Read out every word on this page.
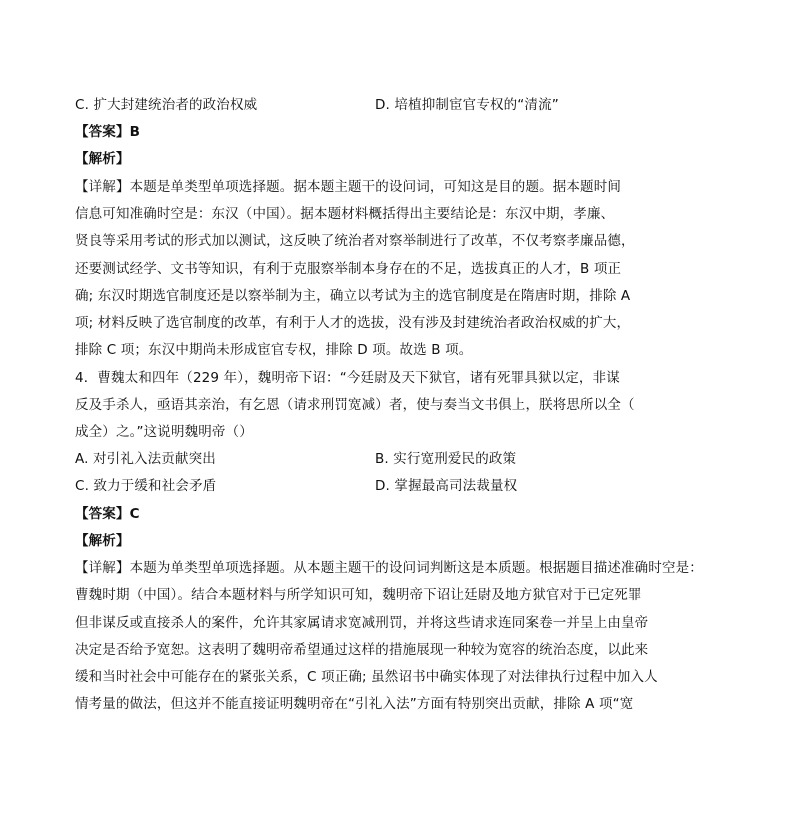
C. 扩大封建统治者的政治权威	D. 培植抑制宦官专权的“清流”
【答案】B
【解析】
【详解】本题是单类型单项选择题。据本题主题干的设问词，可知这是目的题。据本题时间
信息可知准确时空是：东汉（中国）。据本题材料概括得出主要结论是：东汉中期，孝廉、
贤良等采用考试的形式加以测试，这反映了统治者对察举制进行了改革，不仅考察孝廉品德，
还要测试经学、文书等知识，有利于克服察举制本身存在的不足，选拔真正的人才，B 项正
确; 东汉时期选官制度还是以察举制为主，确立以考试为主的选官制度是在隋唐时期，排除 A
项; 材料反映了选官制度的改革，有利于人才的选拔，没有涉及封建统治者政治权威的扩大，
排除 C 项；东汉中期尚未形成宦官专权，排除 D 项。故选 B 项。
4．曹魏太和四年（229 年），魏明帝下诏：“今廷尉及天下狱官，诸有死罪具狱以定，非谋
反及手杀人，亟语其亲治，有乞恩（请求刑罚宽减）者，使与奏当文书俱上，朕将思所以全（
成全）之。”这说明魏明帝（）
A. 对引礼入法贡献突出	B. 实行宽刑爱民的政策
C. 致力于缓和社会矛盾	D. 掌握最高司法裁量权
【答案】C
【解析】
【详解】本题为单类型单项选择题。从本题主题干的设问词判断这是本质题。根据题目描述准确时空是：
曹魏时期（中国）。结合本题材料与所学知识可知，魏明帝下诏让廷尉及地方狱官对于已定死罪
但非谋反或直接杀人的案件，允许其家属请求宽减刑罚，并将这些请求连同案卷一并呈上由皇帝
决定是否给予宽恕。这表明了魏明帝希望通过这样的措施展现一种较为宽容的统治态度，以此来
缓和当时社会中可能存在的紧张关系，C 项正确; 虽然诏书中确实体现了对法律执行过程中加入人
情考量的做法，但这并不能直接证明魏明帝在“引礼入法”方面有特别突出贡献，排除 A 项“宽
